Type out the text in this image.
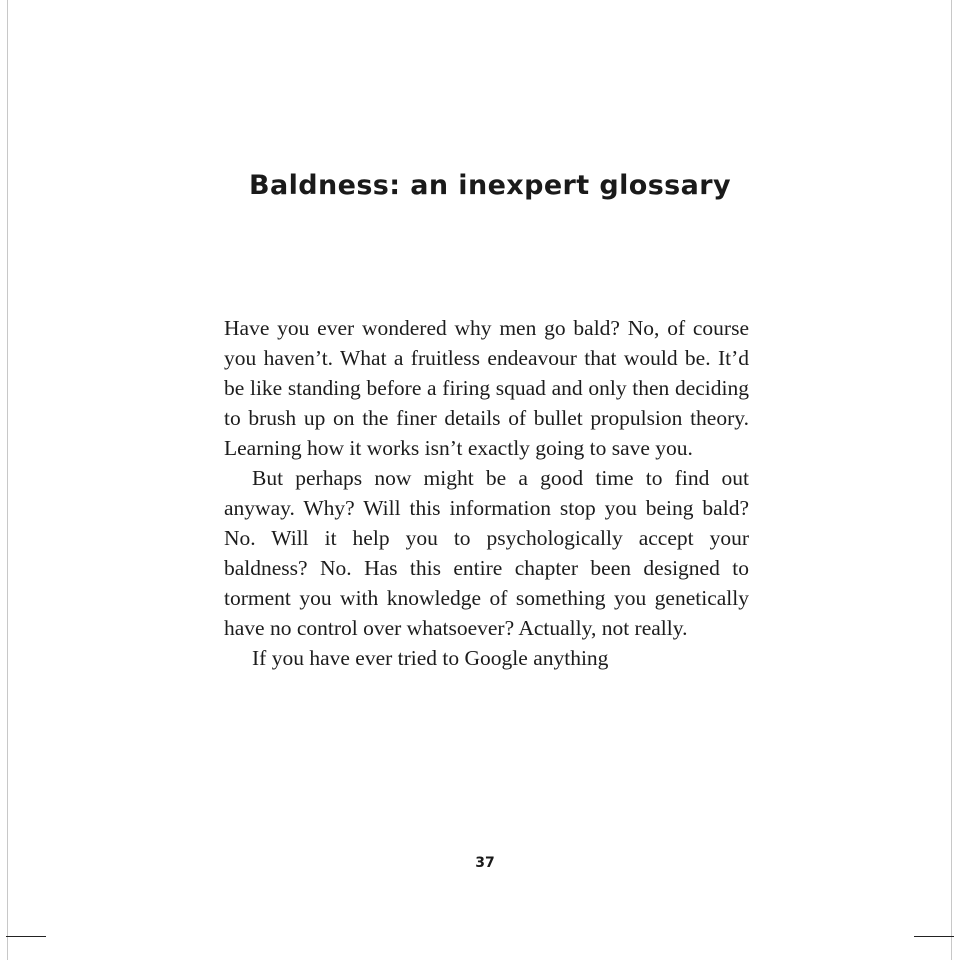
Baldness: an inexpert glossary

Have you ever wondered why men go bald? No, of course you haven’t. What a fruitless endeavour that would be. It’d be like standing before a firing squad and only then deciding to brush up on the finer details of bullet propulsion theory. Learning how it works isn’t exactly going to save you.

But perhaps now might be a good time to find out anyway. Why? Will this information stop you being bald? No. Will it help you to psychologically accept your baldness? No. Has this entire chapter been designed to torment you with knowledge of something you genetically have no control over whatsoever? Actually, not really.

If you have ever tried to Google anything

37
